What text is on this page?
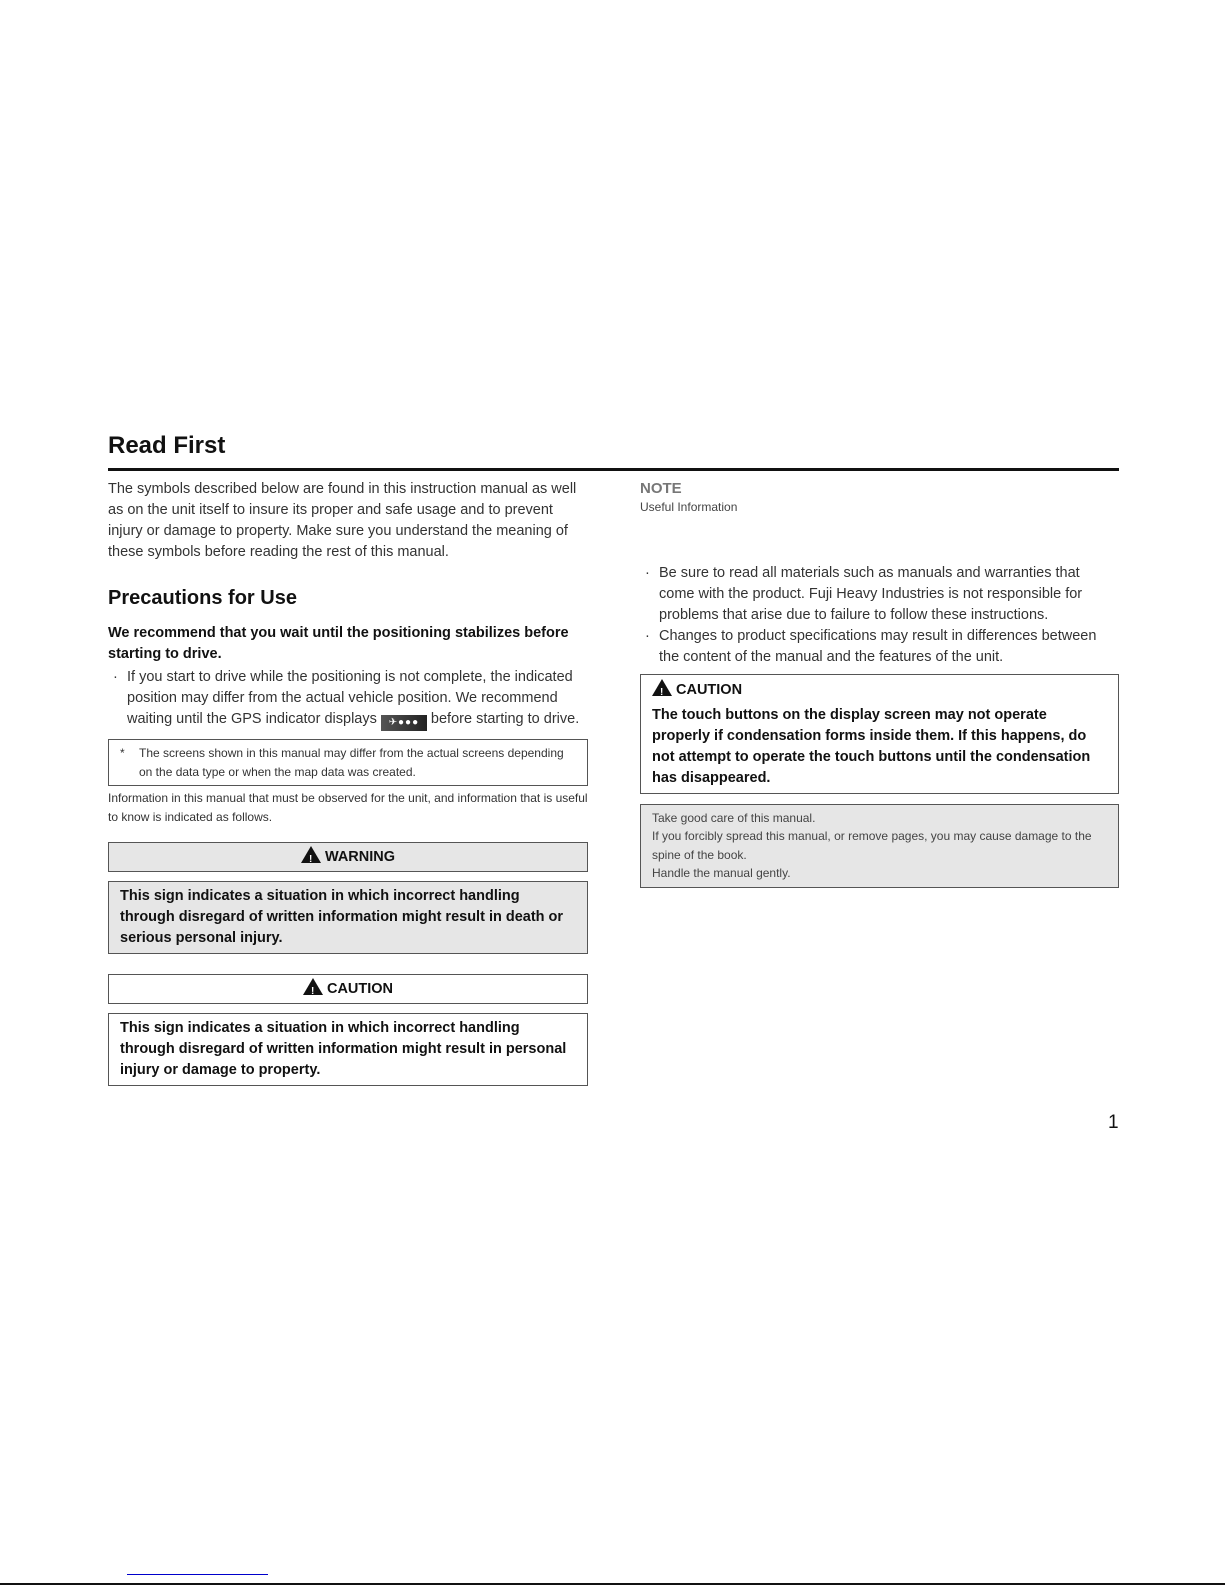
Read First
The symbols described below are found in this instruction manual as well as on the unit itself to insure its proper and safe usage and to prevent injury or damage to property. Make sure you understand the meaning of these symbols before reading the rest of this manual.
Precautions for Use
We recommend that you wait until the positioning stabilizes before starting to drive.
· If you start to drive while the positioning is not complete, the indicated position may differ from the actual vehicle position. We recommend waiting until the GPS indicator displays ✈●●● before starting to drive.
* The screens shown in this manual may differ from the actual screens depending on the data type or when the map data was created.
Information in this manual that must be observed for the unit, and information that is useful to know is indicated as follows.
!WARNING
This sign indicates a situation in which incorrect handling through disregard of written information might result in death or serious personal injury.
!CAUTION
This sign indicates a situation in which incorrect handling through disregard of written information might result in personal injury or damage to property.
NOTE
Useful Information
· Be sure to read all materials such as manuals and warranties that come with the product. Fuji Heavy Industries is not responsible for problems that arise due to failure to follow these instructions.
· Changes to product specifications may result in differences between the content of the manual and the features of the unit.
!CAUTION
The touch buttons on the display screen may not operate properly if condensation forms inside them. If this happens, do not attempt to operate the touch buttons until the condensation has disappeared.
Take good care of this manual.
If you forcibly spread this manual, or remove pages, you may cause damage to the spine of the book.
Handle the manual gently.
1
